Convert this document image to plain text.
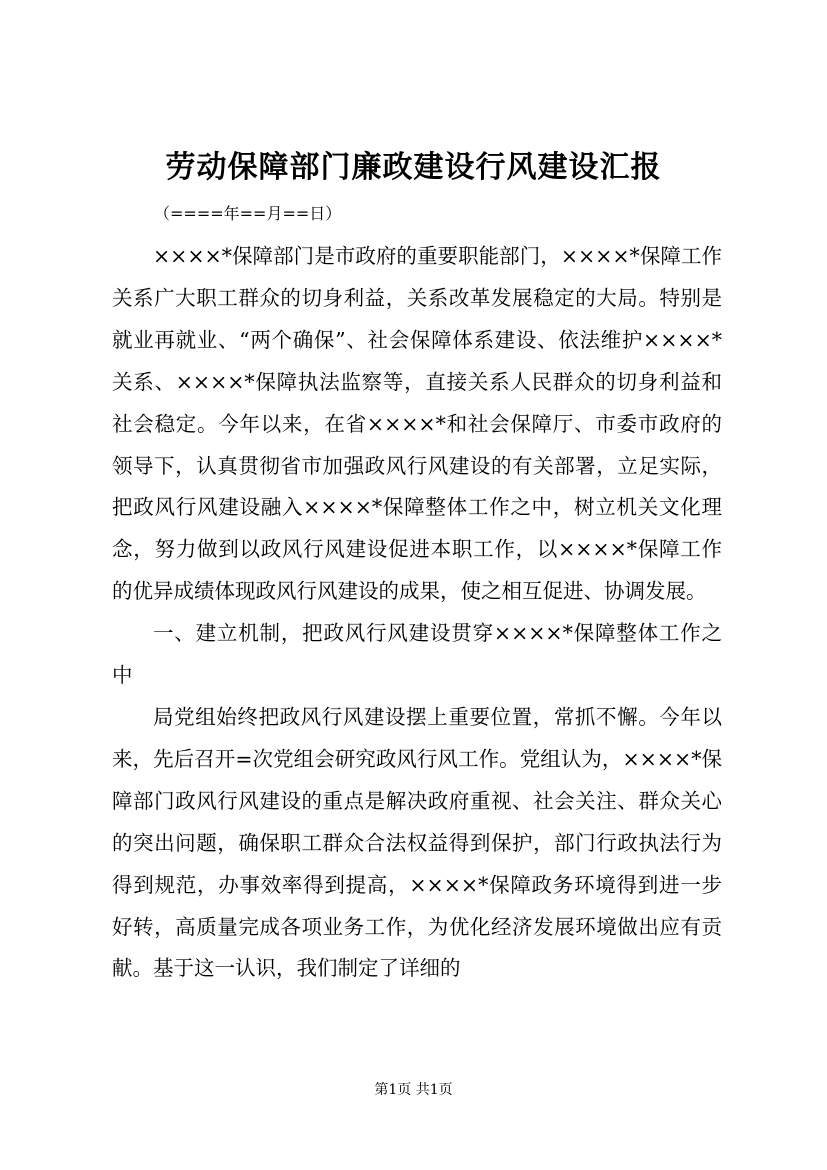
劳动保障部门廉政建设行风建设汇报
（====年==月==日）

××××*保障部门是市政府的重要职能部门，××××*保障工作关系广大职工群众的切身利益，关系改革发展稳定的大局。特别是就业再就业、“两个确保”、社会保障体系建设、依法维护××××*关系、××××*保障执法监察等，直接关系人民群众的切身利益和社会稳定。今年以来，在省××××*和社会保障厅、市委市政府的领导下，认真贯彻省市加强政风行风建设的有关部署，立足实际，把政风行风建设融入××××*保障整体工作之中，树立机关文化理念，努力做到以政风行风建设促进本职工作，以××××*保障工作的优异成绩体现政风行风建设的成果，使之相互促进、协调发展。

一、建立机制，把政风行风建设贯穿××××*保障整体工作之中

局党组始终把政风行风建设摆上重要位置，常抓不懈。今年以来，先后召开=次党组会研究政风行风工作。党组认为，××××*保障部门政风行风建设的重点是解决政府重视、社会关注、群众关心的突出问题，确保职工群众合法权益得到保护，部门行政执法行为得到规范，办事效率得到提高，××××*保障政务环境得到进一步好转，高质量完成各项业务工作，为优化经济发展环境做出应有贡献。基于这一认识，我们制定了详细的

第1页 共1页
